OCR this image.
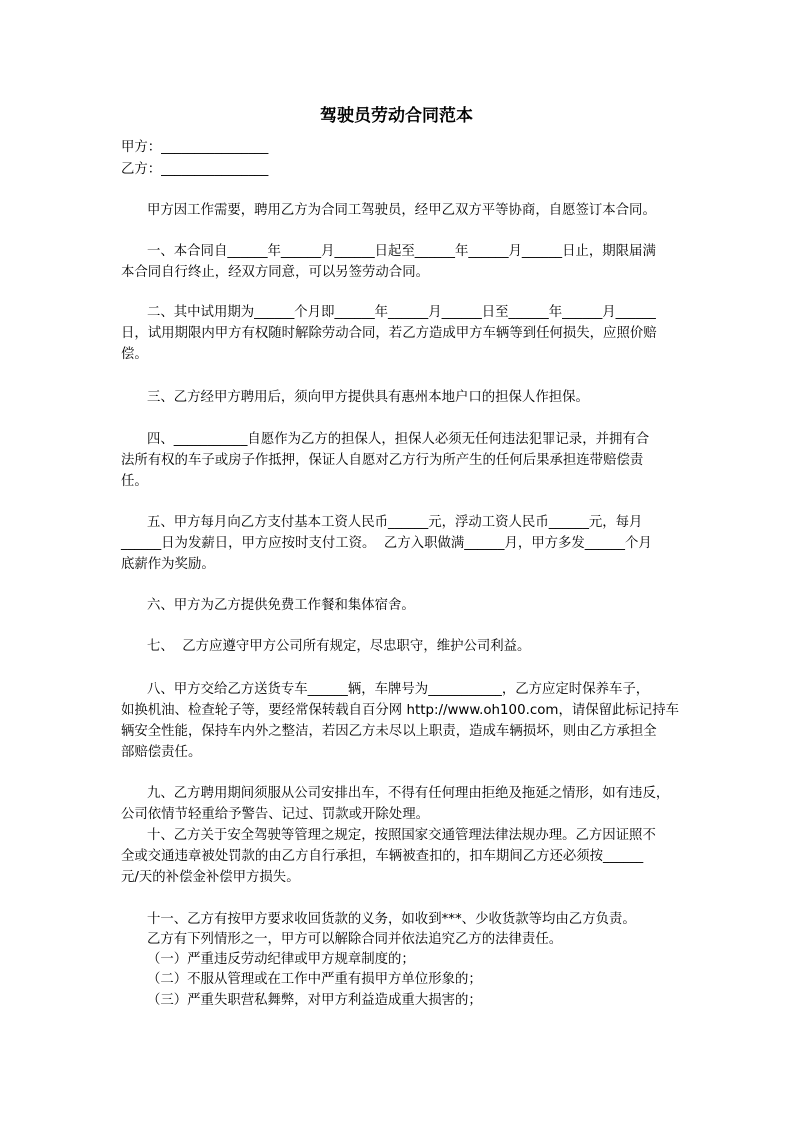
驾驶员劳动合同范本
甲方：________________
乙方：________________
甲方因工作需要，聘用乙方为合同工驾驶员，经甲乙双方平等协商，自愿签订本合同。
一、本合同自______年______月______日起至______年______月______日止，期限届满
本合同自行终止，经双方同意，可以另签劳动合同。
二、其中试用期为______个月即______年______月______日至______年______月______
日，试用期限内甲方有权随时解除劳动合同，若乙方造成甲方车辆等到任何损失，应照价赔
偿。
三、乙方经甲方聘用后，须向甲方提供具有惠州本地户口的担保人作担保。
四、___________自愿作为乙方的担保人，担保人必须无任何违法犯罪记录，并拥有合
法所有权的车子或房子作抵押，保证人自愿对乙方行为所产生的任何后果承担连带赔偿责
任。
五、甲方每月向乙方支付基本工资人民币______元，浮动工资人民币______元，每月
______日为发薪日，甲方应按时支付工资。  乙方入职做满______月，甲方多发______个月
底薪作为奖励。
六、甲方为乙方提供免费工作餐和集体宿舍。
七、  乙方应遵守甲方公司所有规定，尽忠职守，维护公司利益。
八、甲方交给乙方送货专车______辆，车牌号为___________，乙方应定时保养车子，
如换机油、检查轮子等，要经常保转载自百分网 http://www.oh100.com，请保留此标记持车
辆安全性能，保持车内外之整洁，若因乙方未尽以上职责，造成车辆损坏，则由乙方承担全
部赔偿责任。
九、乙方聘用期间须服从公司安排出车，不得有任何理由拒绝及拖延之情形，如有违反，
公司依情节轻重给予警告、记过、罚款或开除处理。
十、乙方关于安全驾驶等管理之规定，按照国家交通管理法律法规办理。乙方因证照不
全或交通违章被处罚款的由乙方自行承担，车辆被查扣的，扣车期间乙方还必须按______
元/天的补偿金补偿甲方损失。
十一、乙方有按甲方要求收回货款的义务，如收到***、少收货款等均由乙方负责。
乙方有下列情形之一，甲方可以解除合同并依法追究乙方的法律责任。
（一）严重违反劳动纪律或甲方规章制度的；
（二）不服从管理或在工作中严重有损甲方单位形象的；
（三）严重失职营私舞弊，对甲方利益造成重大损害的；
